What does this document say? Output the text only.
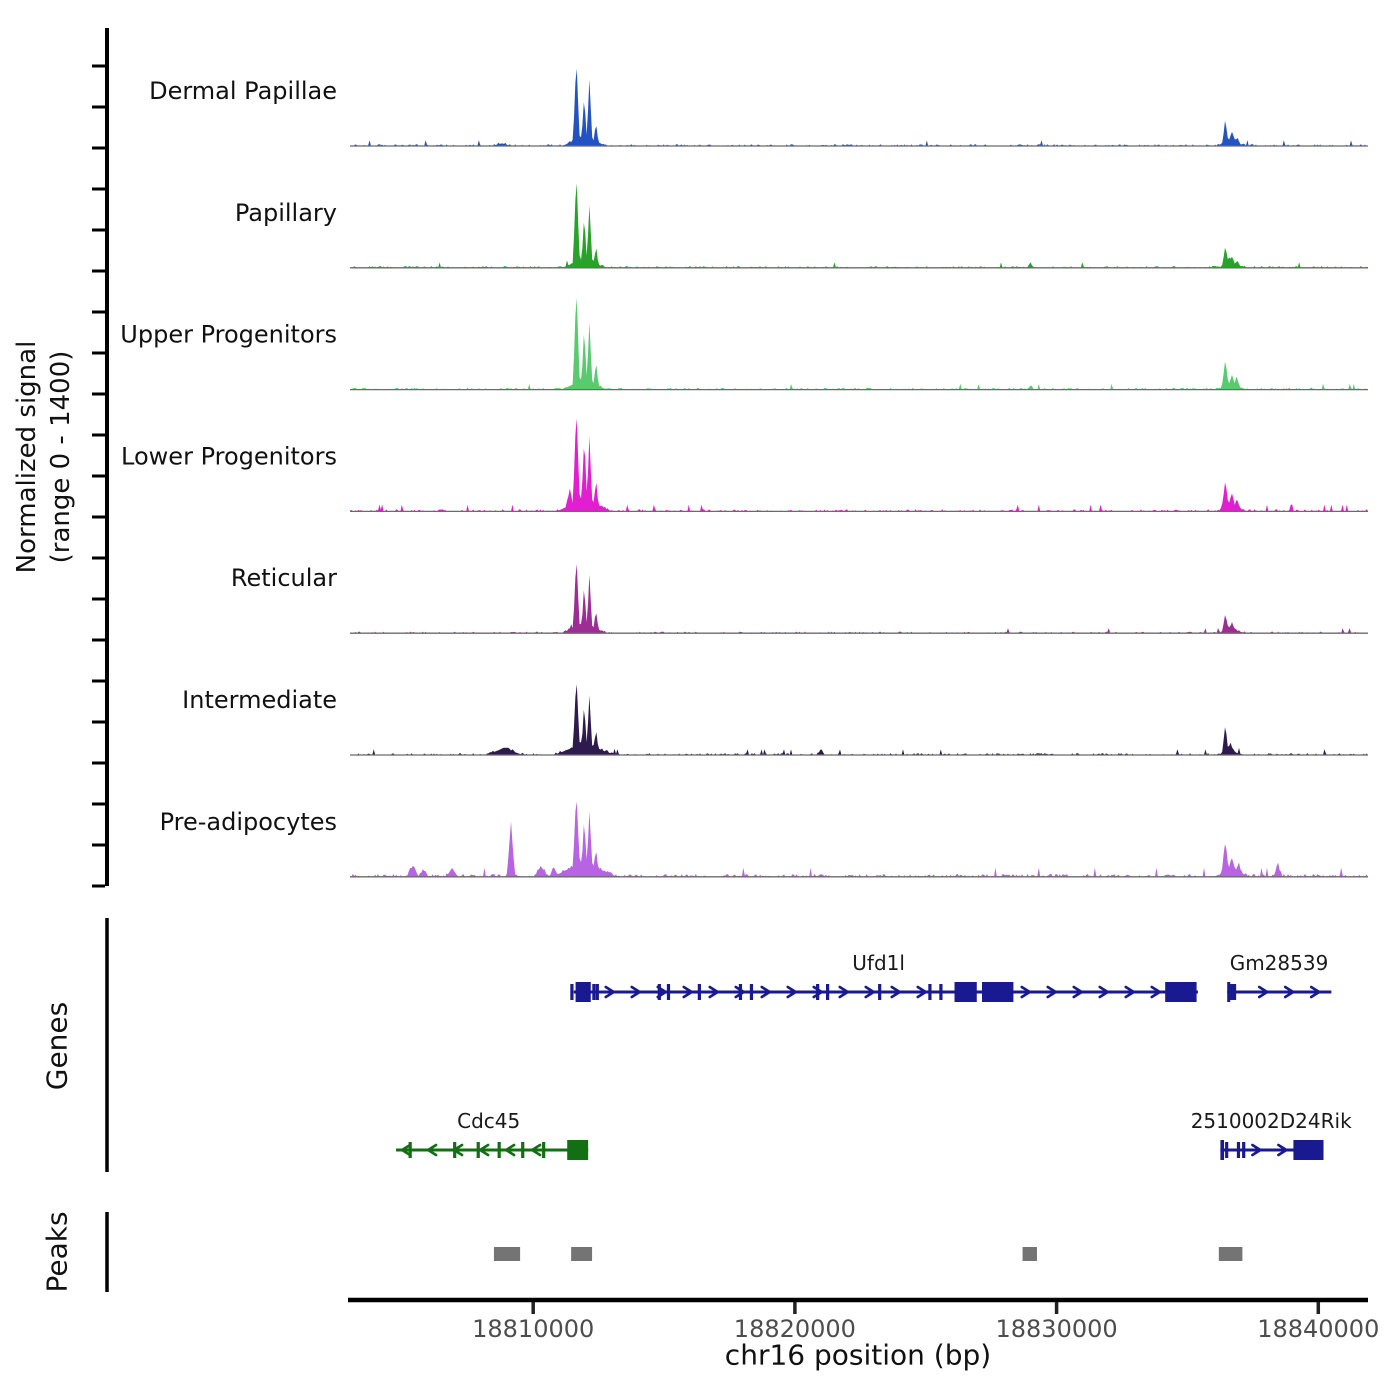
Dermal Papillae
Papillary
Upper Progenitors
Lower Progenitors
Reticular
Intermediate
Pre-adipocytes
Ufd1l	Gm28539
Cdc45	2510002D24Rik
18810000	18820000	18830000	18840000
Normalized signal (range 0 - 1400)
Genes
Peaks
chr16 position (bp)
